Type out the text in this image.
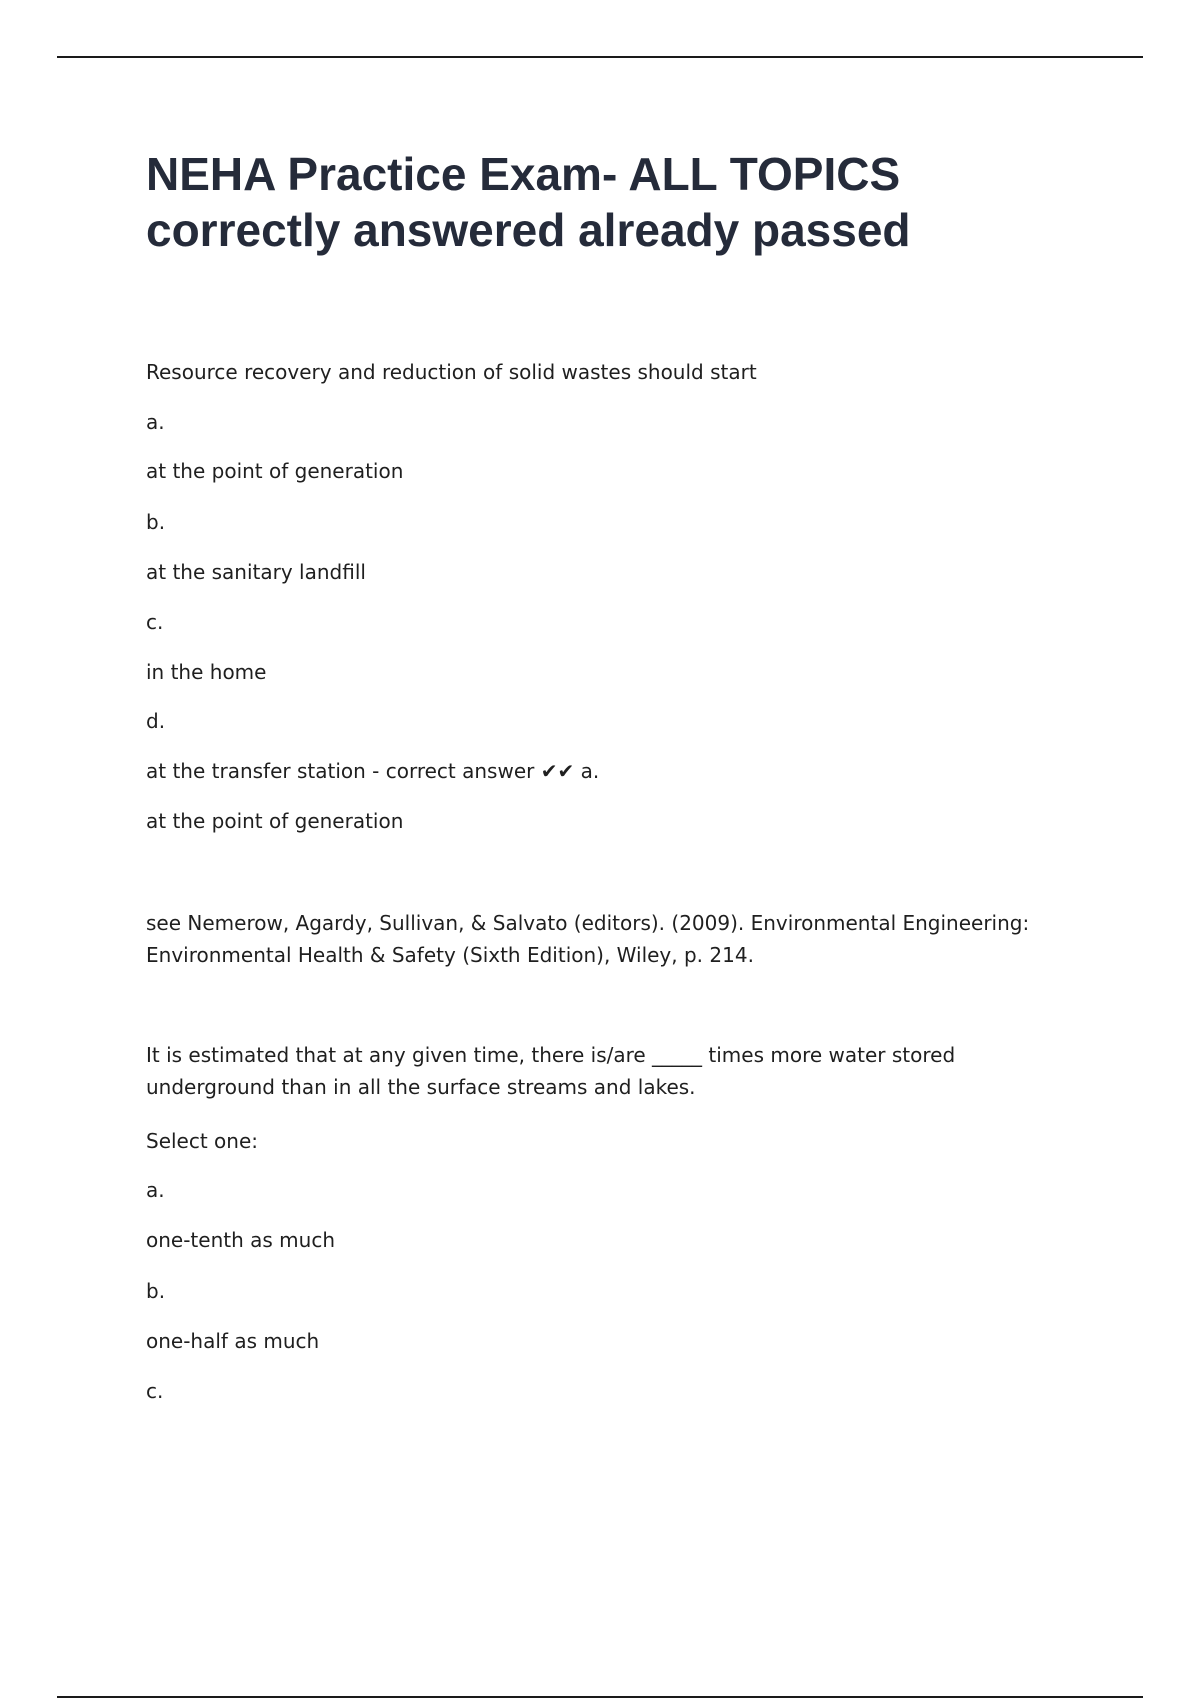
NEHA Practice Exam- ALL TOPICS correctly answered already passed

Resource recovery and reduction of solid wastes should start

a.

at the point of generation

b.

at the sanitary landfill

c.

in the home

d.

at the transfer station - correct answer ✔✔ a.

at the point of generation

see Nemerow, Agardy, Sullivan, & Salvato (editors). (2009). Environmental Engineering: Environmental Health & Safety (Sixth Edition), Wiley, p. 214.

It is estimated that at any given time, there is/are _____ times more water stored underground than in all the surface streams and lakes.

Select one:

a.

one-tenth as much

b.

one-half as much

c.
